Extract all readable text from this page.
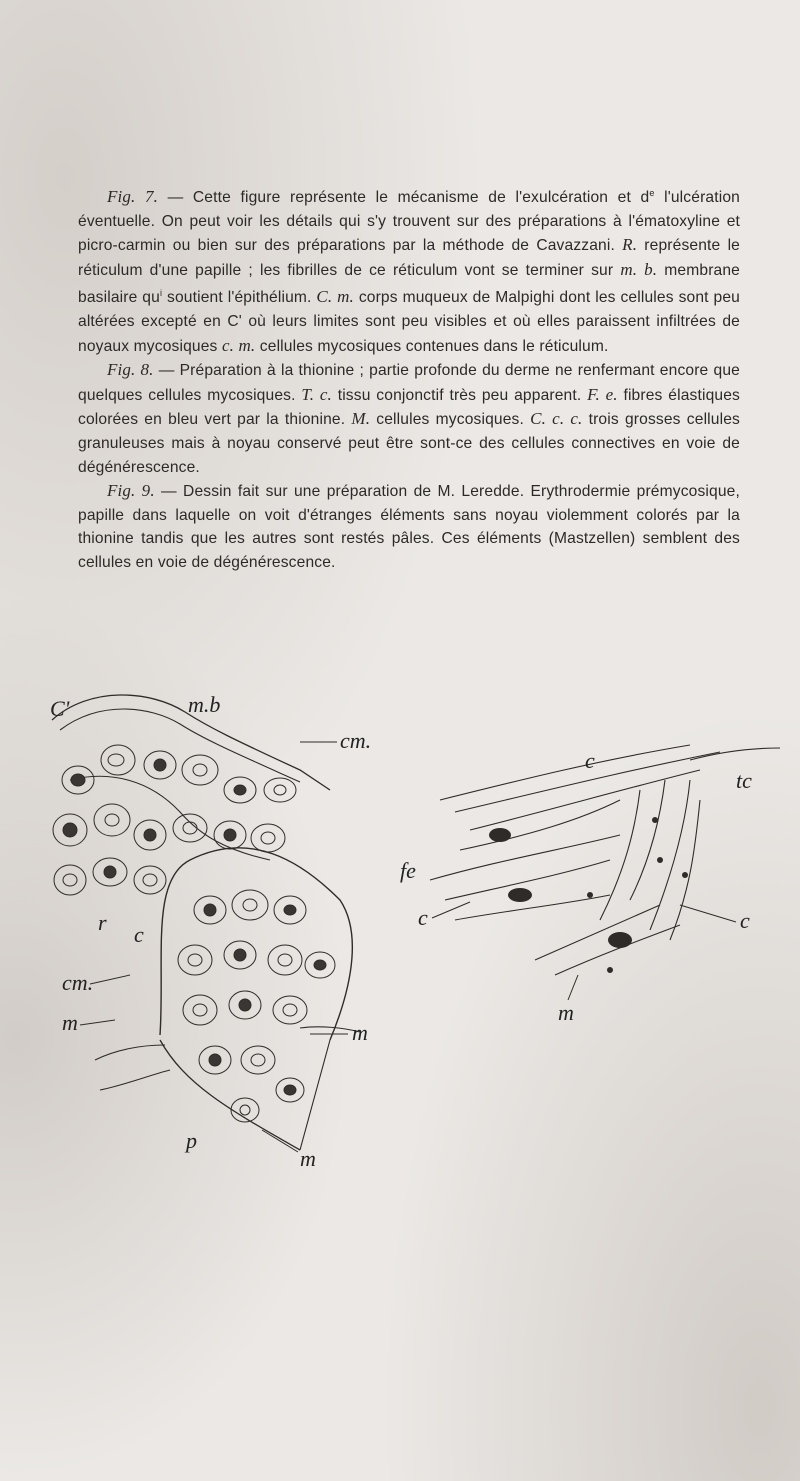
Fig. 7. — Cette figure représente le mécanisme de l'exulcération et $d^e$ l'ulcération éventuelle. On peut voir les détails qui s'y trouvent sur des préparations à l'ématoxyline et picro-carmin ou bien sur des préparations par la méthode de Cavazzani. R. représente le réticulum d'une papille ; les fibrilles de ce réticulum vont se terminer sur m. b. membrane basilaire $qu^i$ soutient l'épithélium. C. m. corps muqueux de Malpighi dont les cellules sont peu altérées excepté en C' où leurs limites sont peu visibles et où elles paraissent infiltrées de noyaux mycosiques c. m. cellules mycosiques contenues dans le réticulum.

Fig. 8. — Préparation à la thionine ; partie profonde du derme ne renfermant encore que quelques cellules mycosiques. T. c. tissu conjonctif très peu apparent. F. e. fibres élastiques colorées en bleu vert par la thionine. M. cellules mycosiques. C. c. c. trois grosses cellules granuleuses mais à noyau conservé peut être sont-ce des cellules connectives en voie de dégénérescence.

Fig. 9. — Dessin fait sur une préparation de M. Leredde. Erythrodermie prémycosique, papille dans laquelle on voit d'étranges éléments sans noyau violemment colorés par la thionine tandis que les autres sont restés pâles. Ces éléments (Mastzellen) semblent des cellules en voie de dégénérescence.

C'	m.b
cm.
r c
cm.
m	m
p
m
c
tc
fe
c	c
m
